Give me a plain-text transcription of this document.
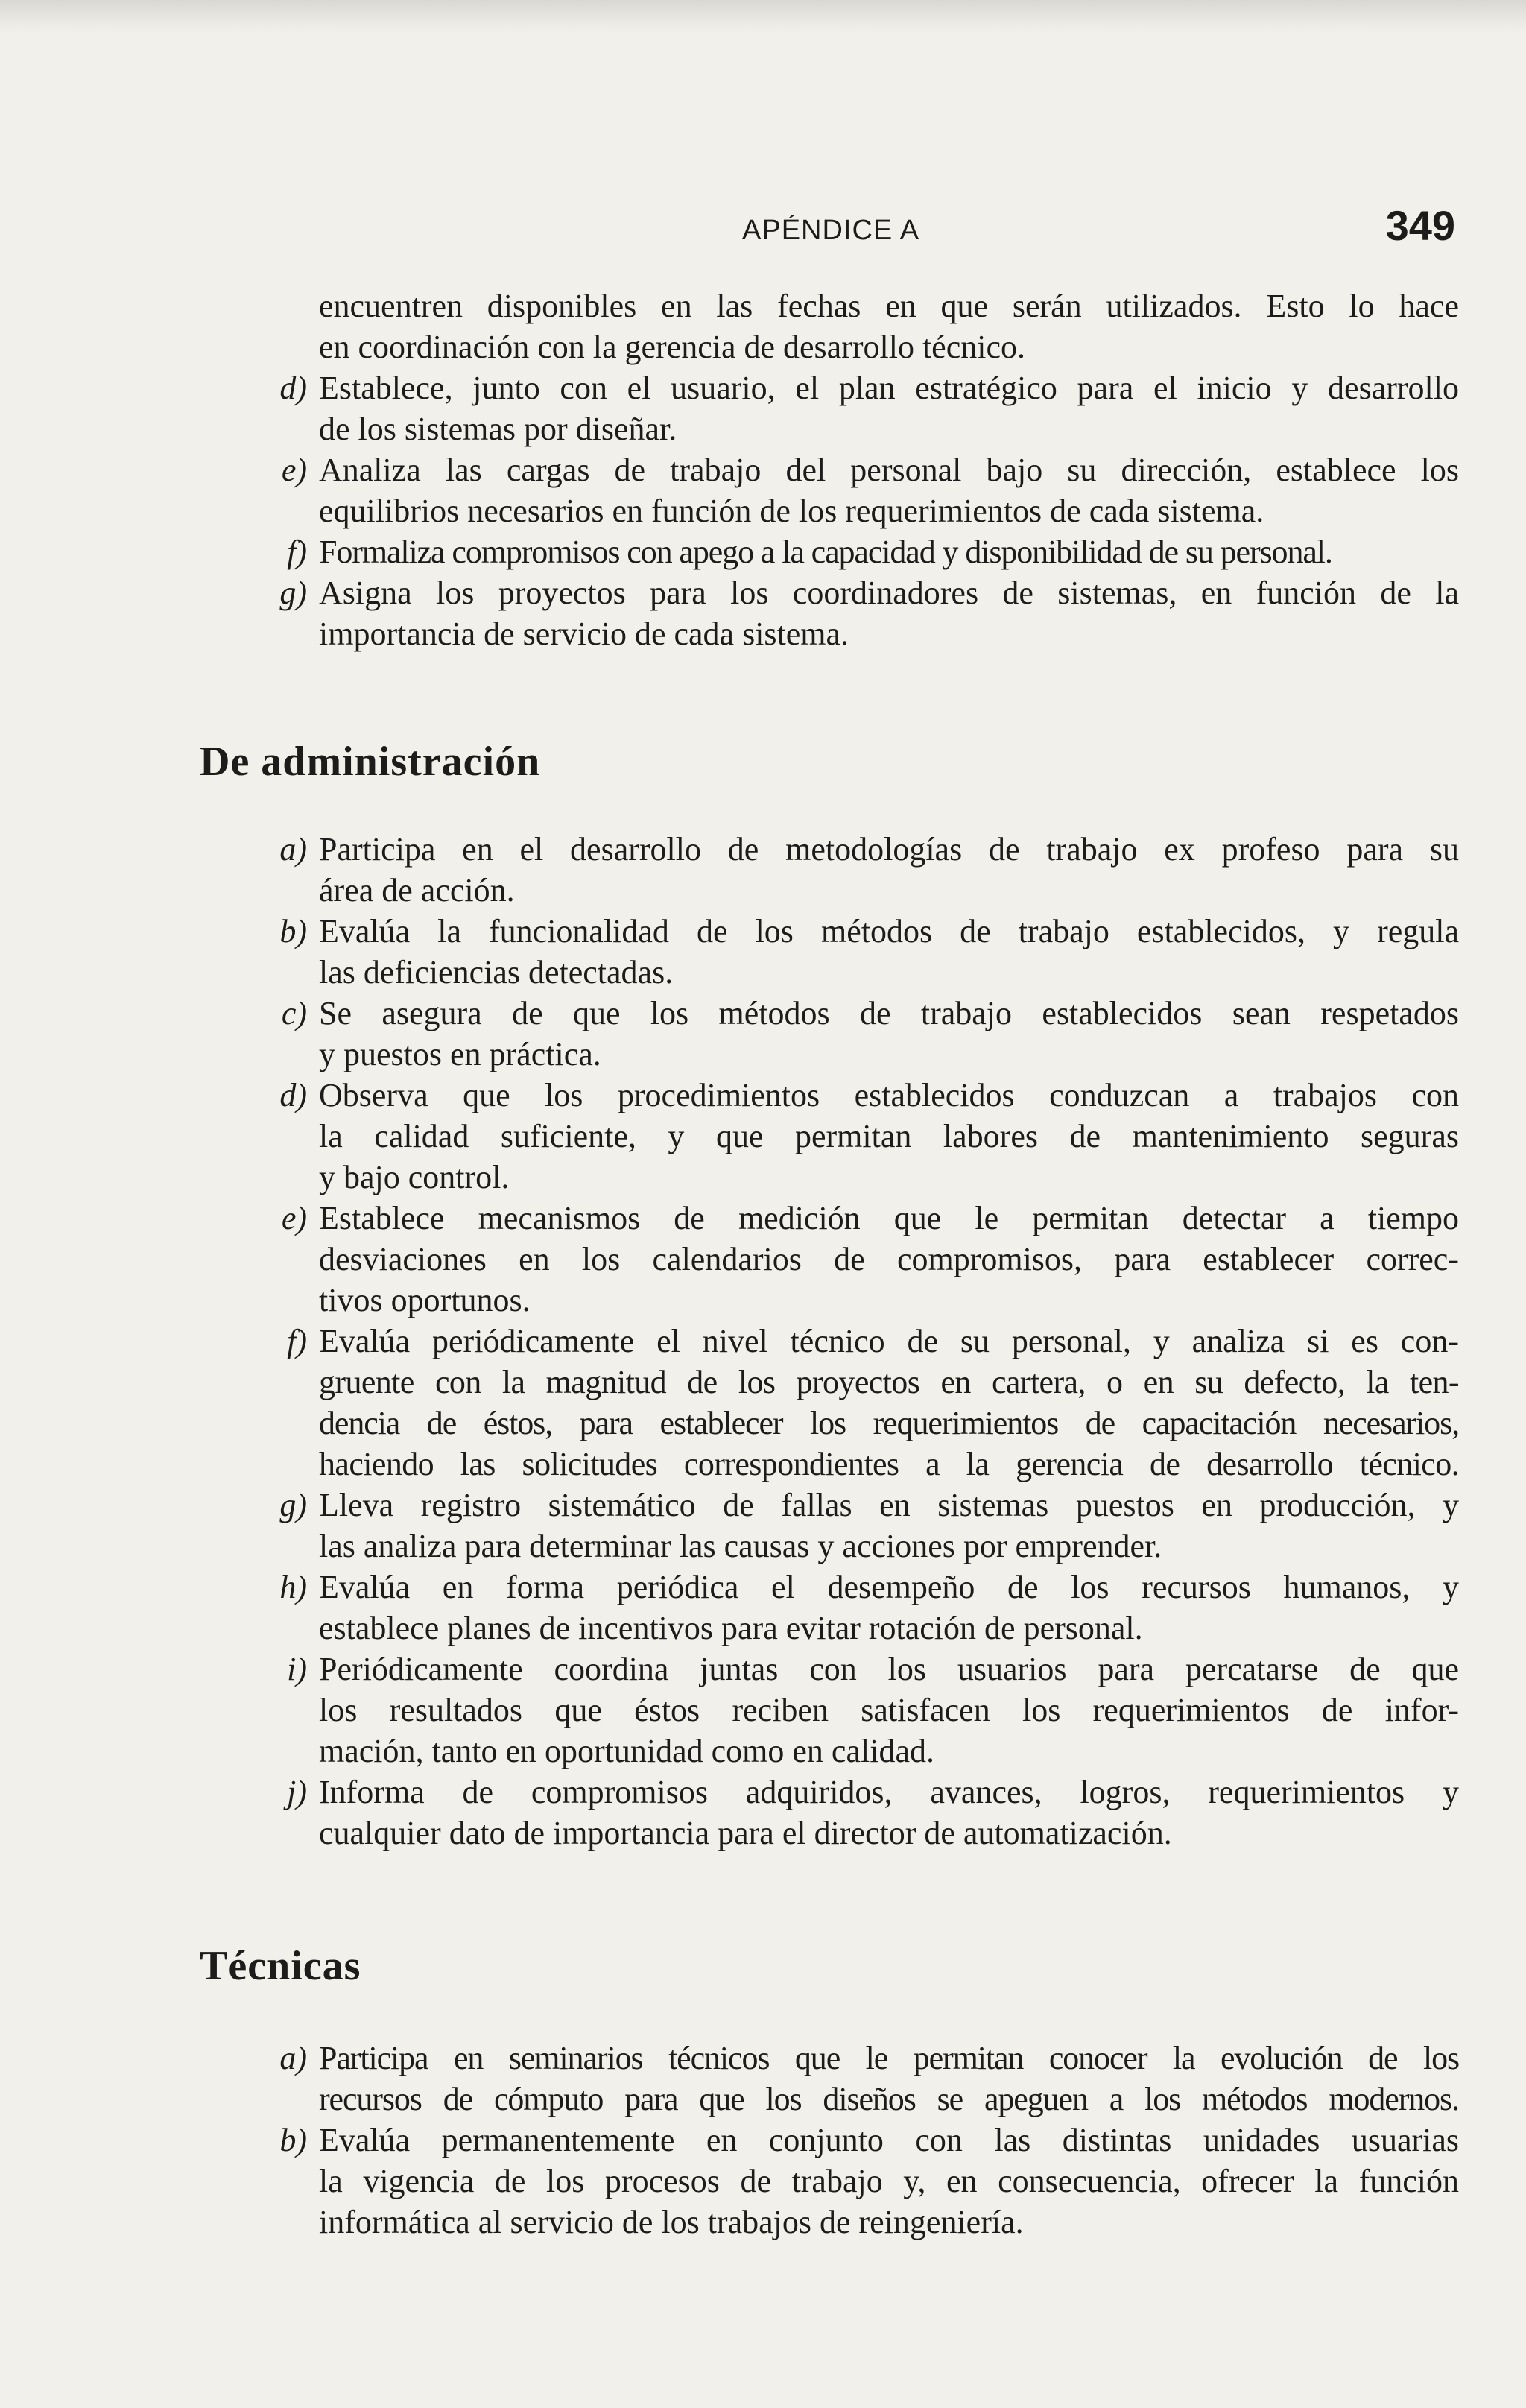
APÉNDICE A	349
encuentren disponibles en las fechas en que serán utilizados. Esto lo hace
en coordinación con la gerencia de desarrollo técnico.
d) Establece, junto con el usuario, el plan estratégico para el inicio y desarrollo
de los sistemas por diseñar.
e) Analiza las cargas de trabajo del personal bajo su dirección, establece los
equilibrios necesarios en función de los requerimientos de cada sistema.
f) Formaliza compromisos con apego a la capacidad y disponibilidad de su personal.
g) Asigna los proyectos para los coordinadores de sistemas, en función de la
importancia de servicio de cada sistema.
De administración
a) Participa en el desarrollo de metodologías de trabajo ex profeso para su
área de acción.
b) Evalúa la funcionalidad de los métodos de trabajo establecidos, y regula
las deficiencias detectadas.
c) Se asegura de que los métodos de trabajo establecidos sean respetados
y puestos en práctica.
d) Observa que los procedimientos establecidos conduzcan a trabajos con
la calidad suficiente, y que permitan labores de mantenimiento seguras
y bajo control.
e) Establece mecanismos de medición que le permitan detectar a tiempo
desviaciones en los calendarios de compromisos, para establecer correc-
tivos oportunos.
f) Evalúa periódicamente el nivel técnico de su personal, y analiza si es con-
gruente con la magnitud de los proyectos en cartera, o en su defecto, la ten-
dencia de éstos, para establecer los requerimientos de capacitación necesarios,
haciendo las solicitudes correspondientes a la gerencia de desarrollo técnico.
g) Lleva registro sistemático de fallas en sistemas puestos en producción, y
las analiza para determinar las causas y acciones por emprender.
h) Evalúa en forma periódica el desempeño de los recursos humanos, y
establece planes de incentivos para evitar rotación de personal.
i) Periódicamente coordina juntas con los usuarios para percatarse de que
los resultados que éstos reciben satisfacen los requerimientos de infor-
mación, tanto en oportunidad como en calidad.
j) Informa de compromisos adquiridos, avances, logros, requerimientos y
cualquier dato de importancia para el director de automatización.
Técnicas
a) Participa en seminarios técnicos que le permitan conocer la evolución de los
recursos de cómputo para que los diseños se apeguen a los métodos modernos.
b) Evalúa permanentemente en conjunto con las distintas unidades usuarias
la vigencia de los procesos de trabajo y, en consecuencia, ofrecer la función
informática al servicio de los trabajos de reingeniería.
